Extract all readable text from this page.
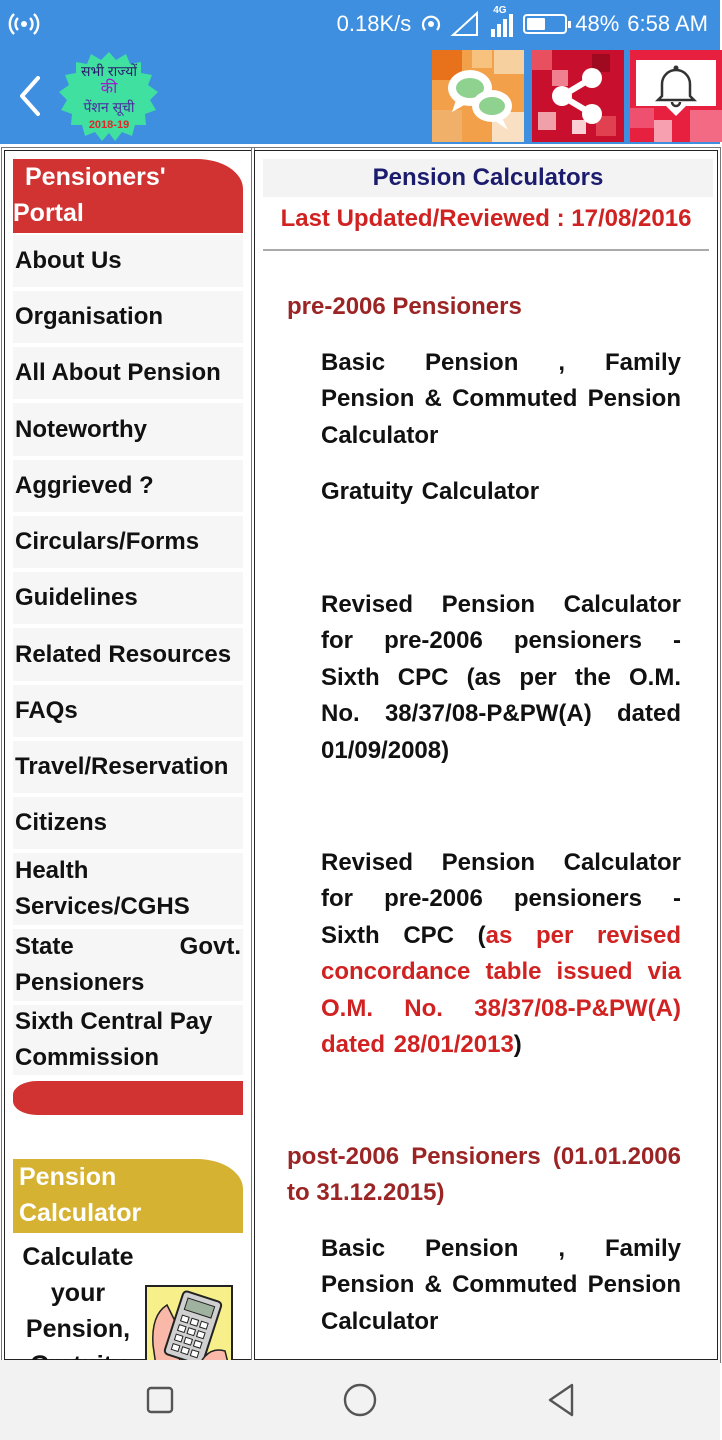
0.18K/s
4G
48% 6:58 AM
सभी राज्यों
की
पेंशन सूची
2018-19
Pensioners'
Portal
About Us
Organisation
All About Pension
Noteworthy
Aggrieved ?
Circulars/Forms
Guidelines
Related Resources
FAQs
Travel/Reservation
Citizens
Health Services/CGHS
State Govt. Pensioners
Sixth Central Pay Commission
Pension
Calculator
Calculate your Pension,
Pension Calculators
Last Updated/Reviewed : 17/08/2016
pre-2006 Pensioners
Basic Pension , Family Pension & Commuted Pension Calculator
Gratuity Calculator
Revised Pension Calculator for pre-2006 pensioners - Sixth CPC (as per the O.M. No. 38/37/08-P&PW(A) dated 01/09/2008)
Revised Pension Calculator for pre-2006 pensioners - Sixth CPC (as per revised concordance table issued via O.M. No. 38/37/08-P&PW(A) dated 28/01/2013)
post-2006 Pensioners (01.01.2006 to 31.12.2015)
Basic Pension , Family Pension & Commuted Pension Calculator
